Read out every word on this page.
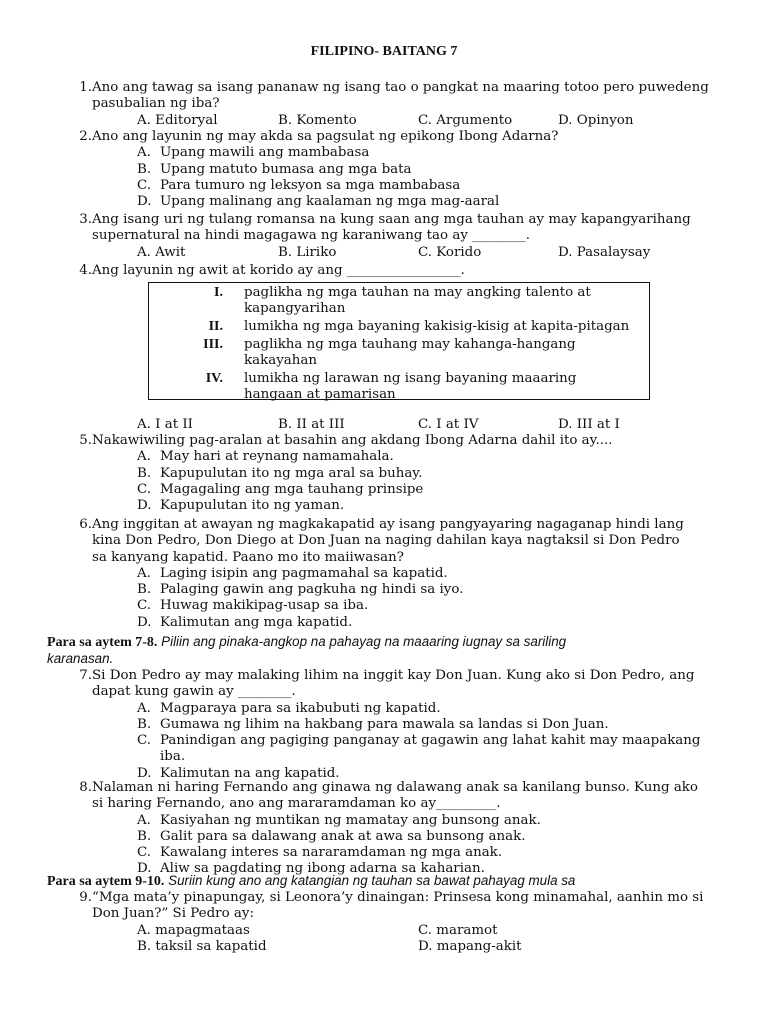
FILIPINO- BAITANG 7
1. Ano ang tawag sa isang pananaw ng isang tao o pangkat na maaring totoo pero puwedeng
pasubalian ng iba?
A. Editoryal	B. Komento	C. Argumento	D. Opinyon
2. Ano ang layunin ng may akda sa pagsulat ng epikong Ibong Adarna?
A. Upang mawili ang mambabasa
B. Upang matuto bumasa ang mga bata
C. Para tumuro ng leksyon sa mga mambabasa
D. Upang malinang ang kaalaman ng mga mag-aaral
3. Ang isang uri ng tulang romansa na kung saan ang mga tauhan ay may kapangyarihang
supernatural na hindi magagawa ng karaniwang tao ay ________.
A. Awit	B. Liriko	C. Korido	D. Pasalaysay
4. Ang layunin ng awit at korido ay ang _________________.
I. paglikha ng mga tauhan na may angking talento at
kapangyarihan
II. lumikha ng mga bayaning kakisig-kisig at kapita-pitagan
III. paglikha ng mga tauhang may kahanga-hangang
kakayahan
IV. lumikha ng larawan ng isang bayaning maaaring
hangaan at pamarisan
A. I at II	B. II at III	C. I at IV	D. III at I
5. Nakawiwiling pag-aralan at basahin ang akdang Ibong Adarna dahil ito ay....
A. May hari at reynang namamahala.
B. Kapupulutan ito ng mga aral sa buhay.
C. Magagaling ang mga tauhang prinsipe
D. Kapupulutan ito ng yaman.
6. Ang inggitan at awayan ng magkakapatid ay isang pangyayaring nagaganap hindi lang
kina Don Pedro, Don Diego at Don Juan na naging dahilan kaya nagtaksil si Don Pedro
sa kanyang kapatid. Paano mo ito maiiwasan?
A. Laging isipin ang pagmamahal sa kapatid.
B. Palaging gawin ang pagkuha ng hindi sa iyo.
C. Huwag makikipag-usap sa iba.
D. Kalimutan ang mga kapatid.
Para sa aytem 7-8. Piliin ang pinaka-angkop na pahayag na maaaring iugnay sa sariling
karanasan.
7. Si Don Pedro ay may malaking lihim na inggit kay Don Juan. Kung ako si Don Pedro, ang
dapat kung gawin ay ________.
A. Magparaya para sa ikabubuti ng kapatid.
B. Gumawa ng lihim na hakbang para mawala sa landas si Don Juan.
C. Panindigan ang pagiging panganay at gagawin ang lahat kahit may maapakang
iba.
D. Kalimutan na ang kapatid.
8. Nalaman ni haring Fernando ang ginawa ng dalawang anak sa kanilang bunso. Kung ako
si haring Fernando, ano ang mararamdaman ko ay_________.
A. Kasiyahan ng muntikan ng mamatay ang bunsong anak.
B. Galit para sa dalawang anak at awa sa bunsong anak.
C. Kawalang interes sa nararamdaman ng mga anak.
D. Aliw sa pagdating ng ibong adarna sa kaharian.
Para sa aytem 9-10. Suriin kung ano ang katangian ng tauhan sa bawat pahayag mula sa
9. “Mga mata’y pinapungay, si Leonora’y dinaingan: Prinsesa kong minamahal, aanhin mo si
Don Juan?” Si Pedro ay:
A. mapagmataas	C. maramot
B. taksil sa kapatid	D. mapang-akit
